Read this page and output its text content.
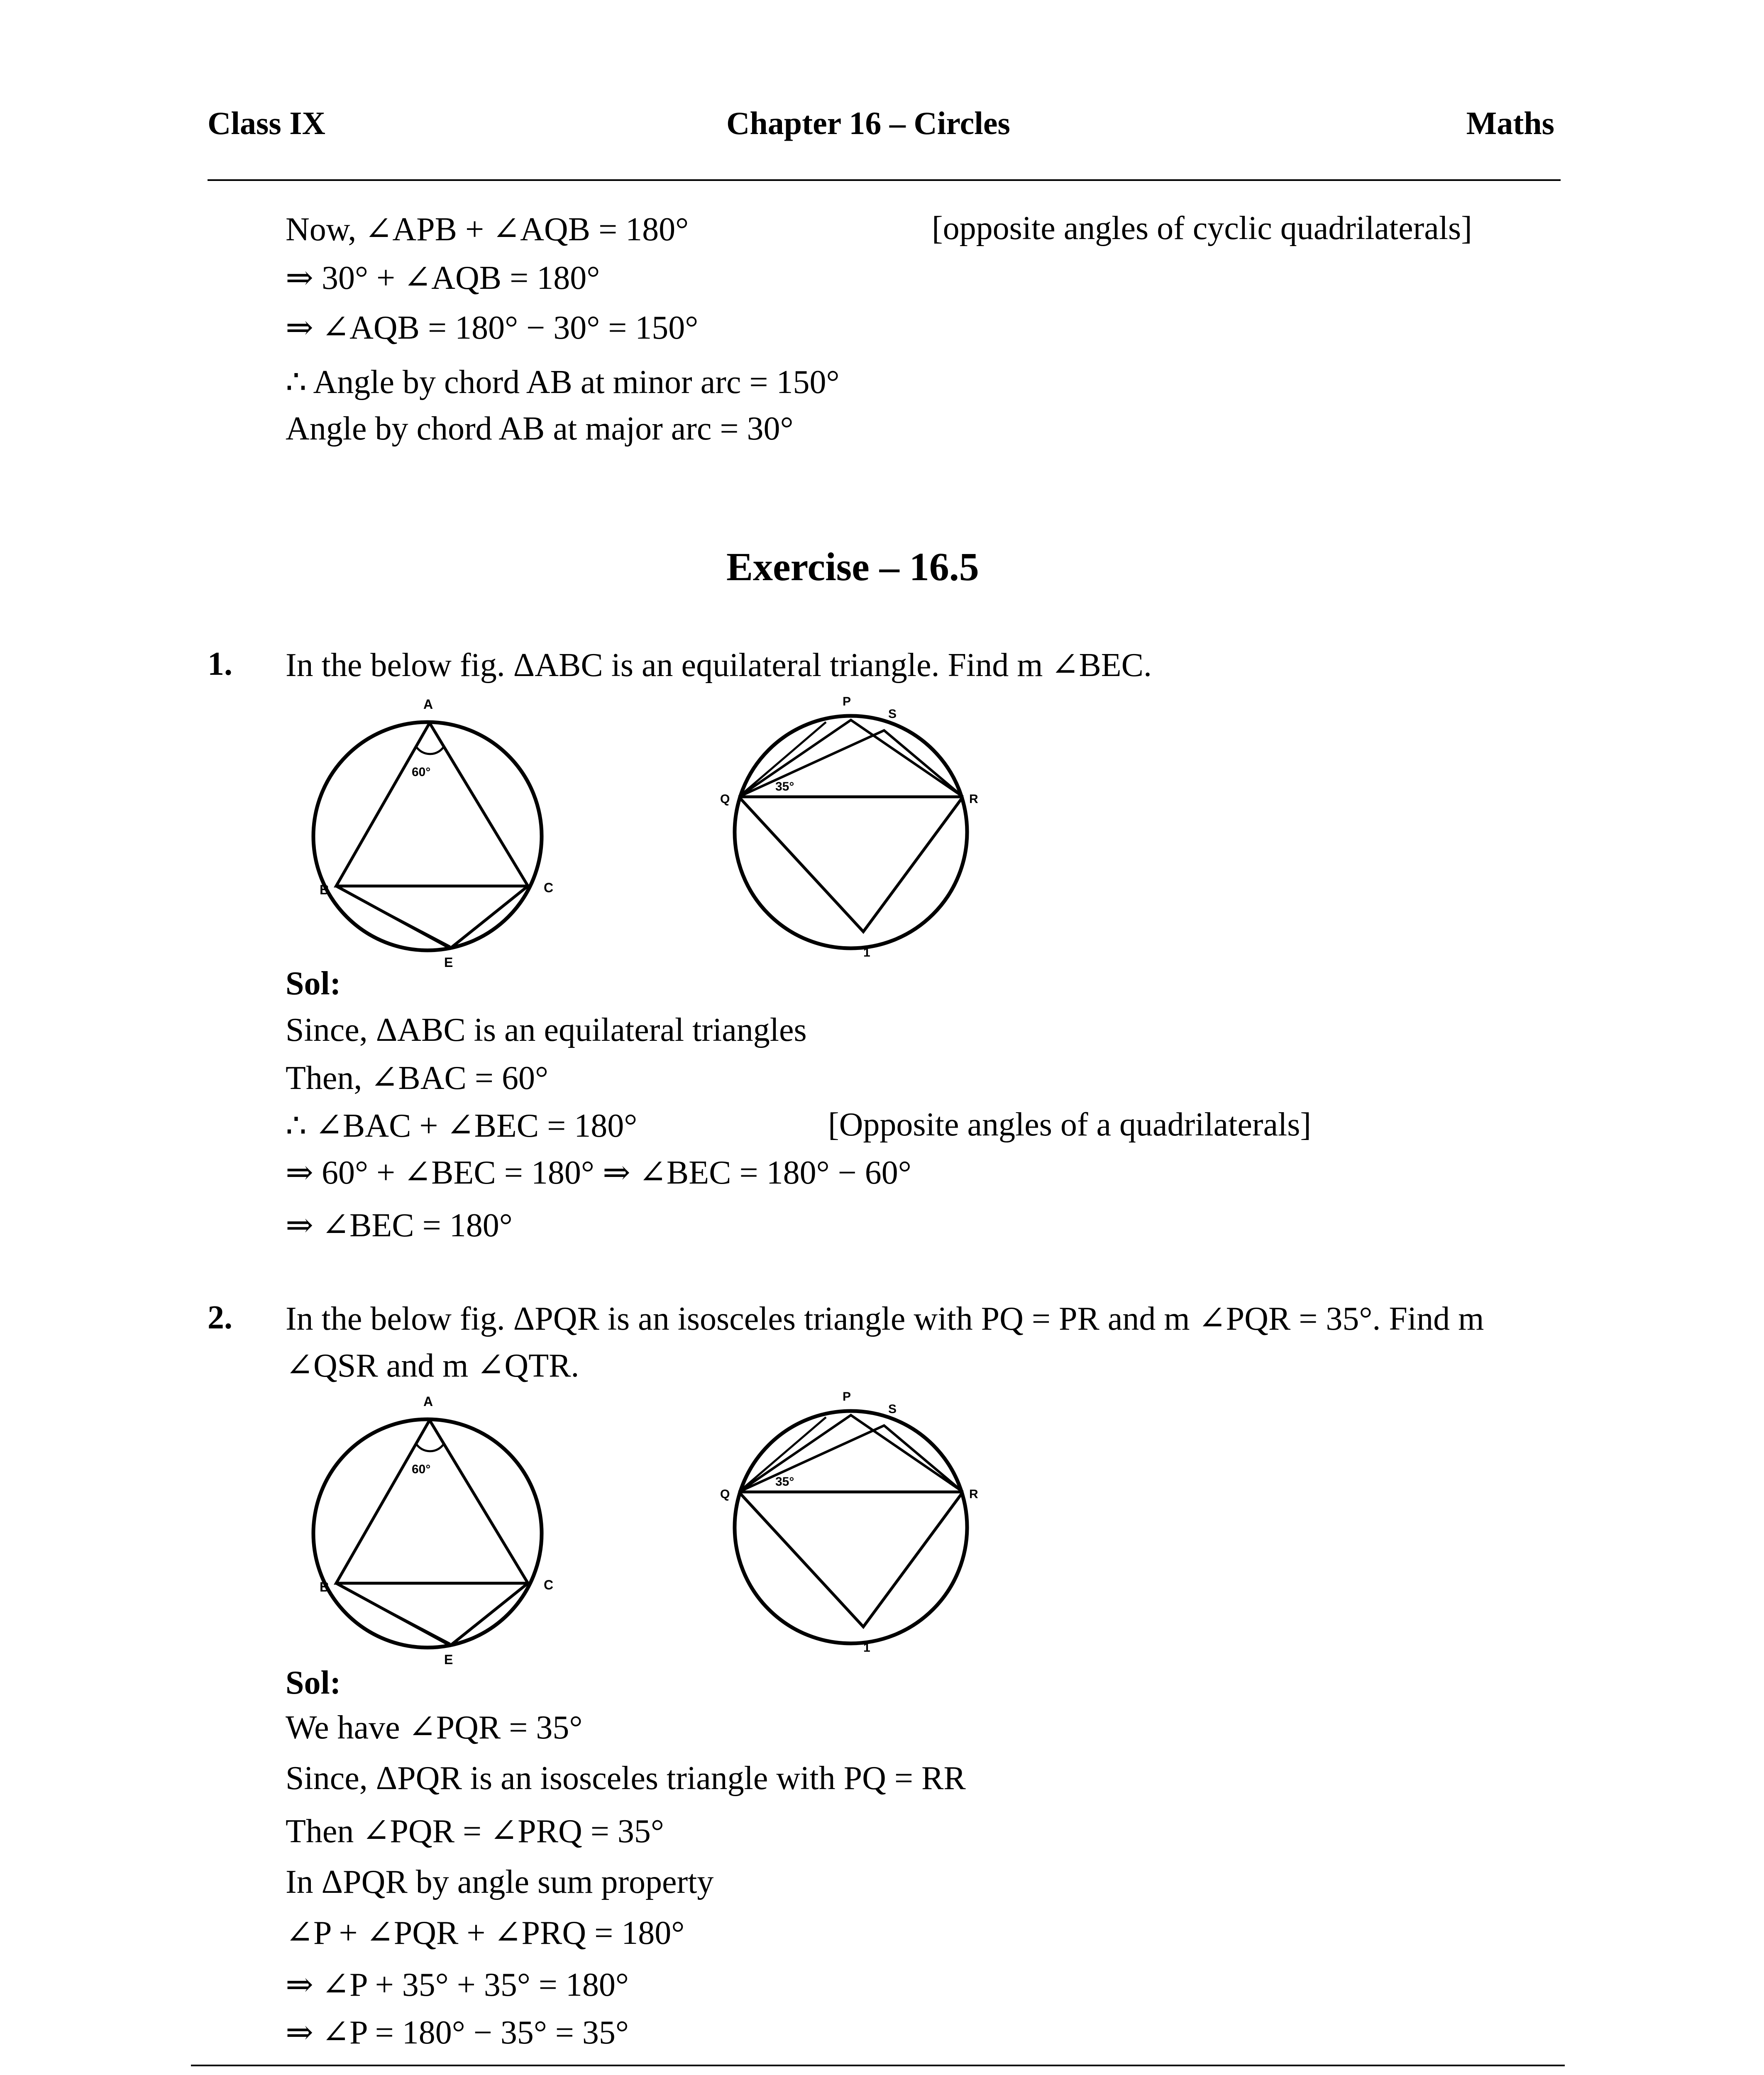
Class IX	Chapter 16 – Circles	Maths
Now, ∠APB + ∠AQB = 180°	[opposite angles of cyclic quadrilaterals]
⇒ 30° + ∠AQB = 180°
⇒ ∠AQB = 180° − 30° = 150°
∴ Angle by chord AB at minor arc = 150°
Angle by chord AB at major arc = 30°
Exercise – 16.5
1. In the below fig. ΔABC is an equilateral triangle. Find m ∠BEC.
A
B	C
E
60°
P
S
Q	R
1
35°
Sol:
Since, ΔABC is an equilateral triangles
Then, ∠BAC = 60°
∴ ∠BAC + ∠BEC = 180°	[Opposite angles of a quadrilaterals]
⇒ 60° + ∠BEC = 180° ⇒ ∠BEC = 180° − 60°
⇒ ∠BEC = 180°
2. In the below fig. ΔPQR is an isosceles triangle with PQ = PR and m ∠PQR = 35°. Find m
∠QSR and m ∠QTR.
A
B	C
E
60°
P
S
Q	R
1
35°
Sol:
We have ∠PQR = 35°
Since, ΔPQR is an isosceles triangle with PQ = RR
Then ∠PQR = ∠PRQ = 35°
In ΔPQR by angle sum property
∠P + ∠PQR + ∠PRQ = 180°
⇒ ∠P + 35° + 35° = 180°
⇒ ∠P = 180° − 35° = 35°
